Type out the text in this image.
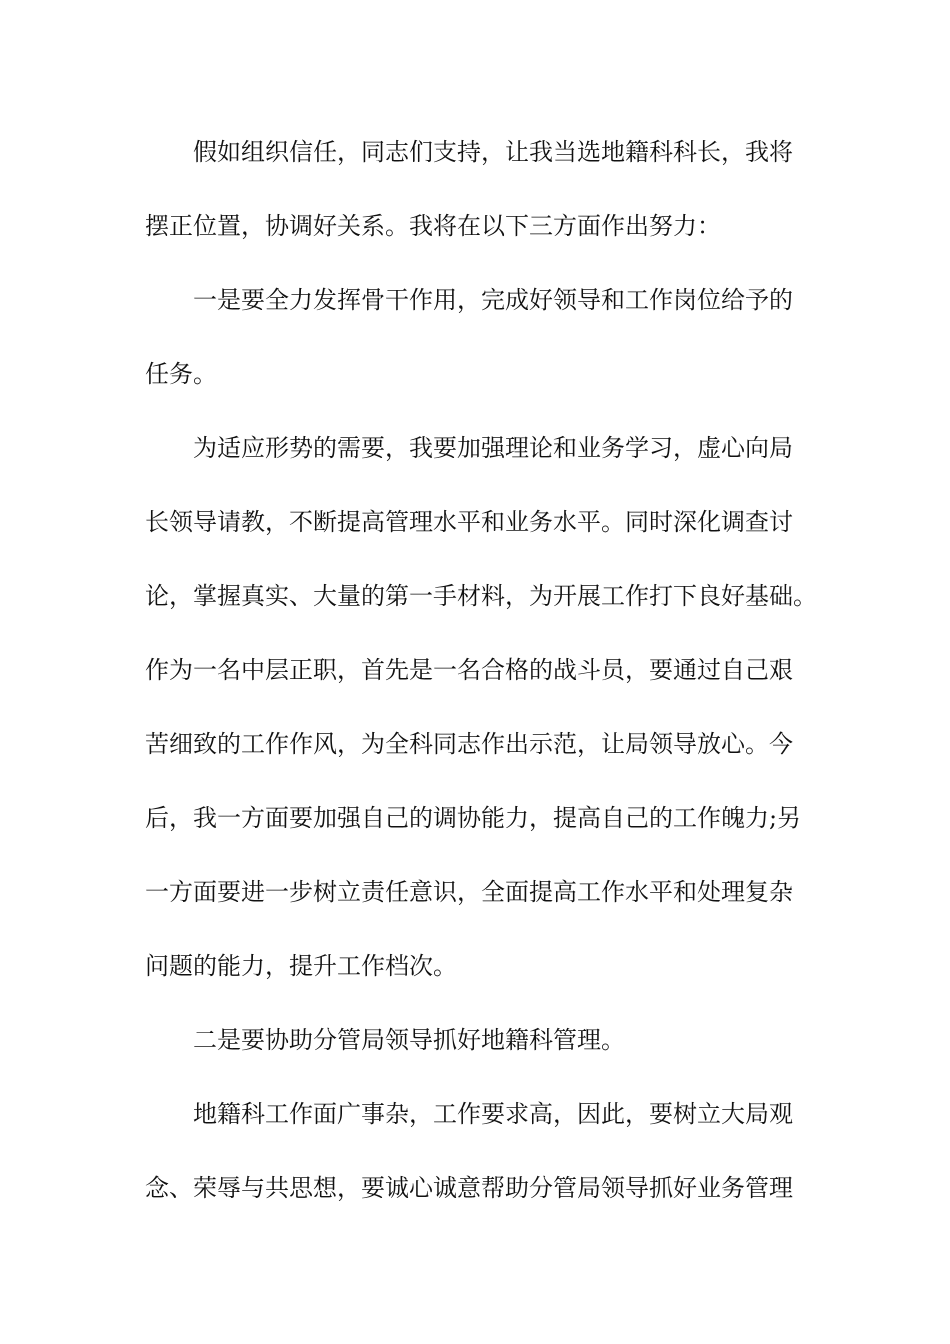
假如组织信任，同志们支持，让我当选地籍科科长，我将

摆正位置，协调好关系。我将在以下三方面作出努力：

一是要全力发挥骨干作用，完成好领导和工作岗位给予的

任务。

为适应形势的需要，我要加强理论和业务学习，虚心向局

长领导请教，不断提高管理水平和业务水平。同时深化调查讨

论，掌握真实、大量的第一手材料，为开展工作打下良好基础。

作为一名中层正职，首先是一名合格的战斗员，要通过自己艰

苦细致的工作作风，为全科同志作出示范，让局领导放心。今

后，我一方面要加强自己的调协能力，提高自己的工作魄力;另

一方面要进一步树立责任意识，全面提高工作水平和处理复杂

问题的能力，提升工作档次。

二是要协助分管局领导抓好地籍科管理。

地籍科工作面广事杂，工作要求高，因此，要树立大局观

念、荣辱与共思想，要诚心诚意帮助分管局领导抓好业务管理
